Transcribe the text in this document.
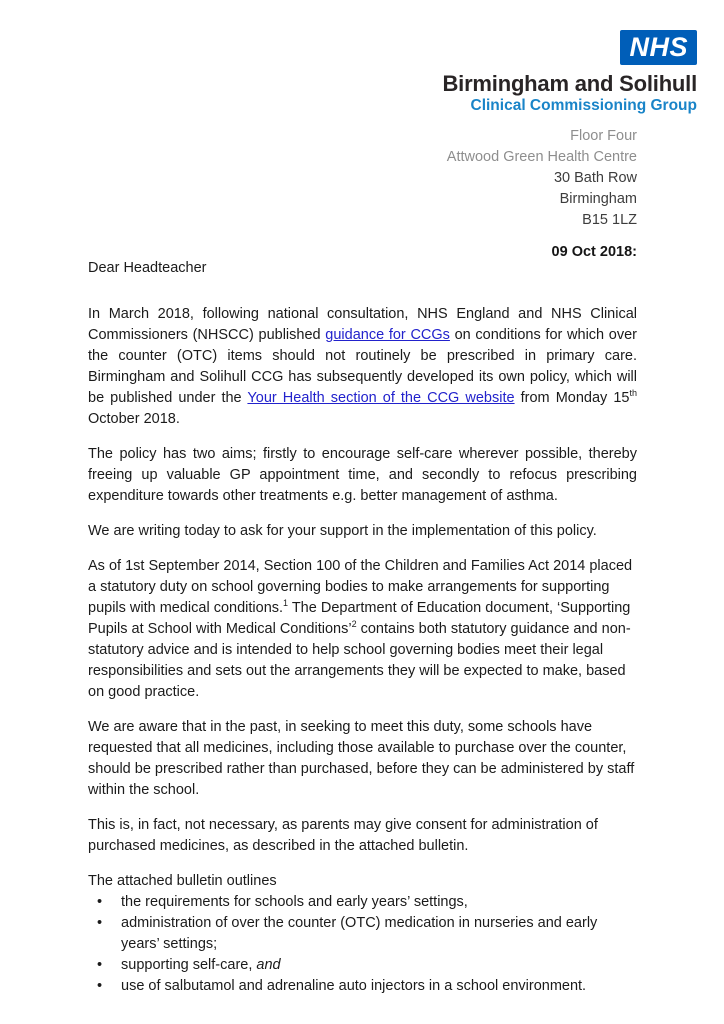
NHS
Birmingham and Solihull
Clinical Commissioning Group
Floor Four
Attwood Green Health Centre
30 Bath Row
Birmingham
B15 1LZ
09 Oct 2018:

Dear Headteacher

In March 2018, following national consultation, NHS England and NHS Clinical Commissioners (NHSCC) published guidance for CCGs on conditions for which over the counter (OTC) items should not routinely be prescribed in primary care. Birmingham and Solihull CCG has subsequently developed its own policy, which will be published under the Your Health section of the CCG website from Monday 15th October 2018.

The policy has two aims; firstly to encourage self-care wherever possible, thereby freeing up valuable GP appointment time, and secondly to refocus prescribing expenditure towards other treatments e.g. better management of asthma.

We are writing today to ask for your support in the implementation of this policy.

As of 1st September 2014, Section 100 of the Children and Families Act 2014 placed a statutory duty on school governing bodies to make arrangements for supporting pupils with medical conditions.$^1$ The Department of Education document, ‘Supporting Pupils at School with Medical Conditions’$^2$ contains both statutory guidance and non-statutory advice and is intended to help school governing bodies meet their legal responsibilities and sets out the arrangements they will be expected to make, based on good practice.

We are aware that in the past, in seeking to meet this duty, some schools have requested that all medicines, including those available to purchase over the counter, should be prescribed rather than purchased, before they can be administered by staff within the school.

This is, in fact, not necessary, as parents may give consent for administration of purchased medicines, as described in the attached bulletin.

The attached bulletin outlines

•	the requirements for schools and early years’ settings,
•	administration of over the counter (OTC) medication in nurseries and early years’ settings;
•	supporting self-care, and
•	use of salbutamol and adrenaline auto injectors in a school environment.
